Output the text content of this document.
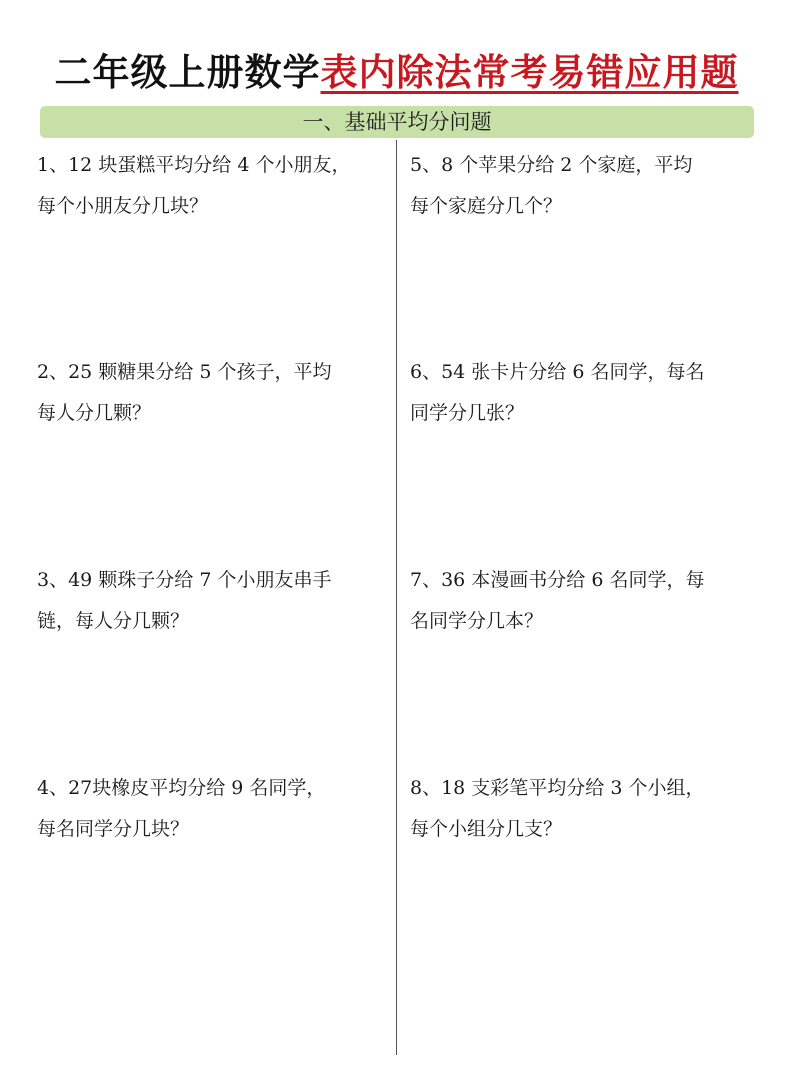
二年级上册数学表内除法常考易错应用题
一、基础平均分问题
1、12 块蛋糕平均分给 4 个小朋友，
每个小朋友分几块？
2、25 颗糖果分给 5 个孩子，平均
每人分几颗？
3、49 颗珠子分给 7 个小朋友串手
链，每人分几颗？
4、27块橡皮平均分给 9 名同学，
每名同学分几块？
5、8 个苹果分给 2 个家庭，平均
每个家庭分几个？
6、54 张卡片分给 6 名同学，每名
同学分几张？
7、36 本漫画书分给 6 名同学，每
名同学分几本？
8、18 支彩笔平均分给 3 个小组，
每个小组分几支？
